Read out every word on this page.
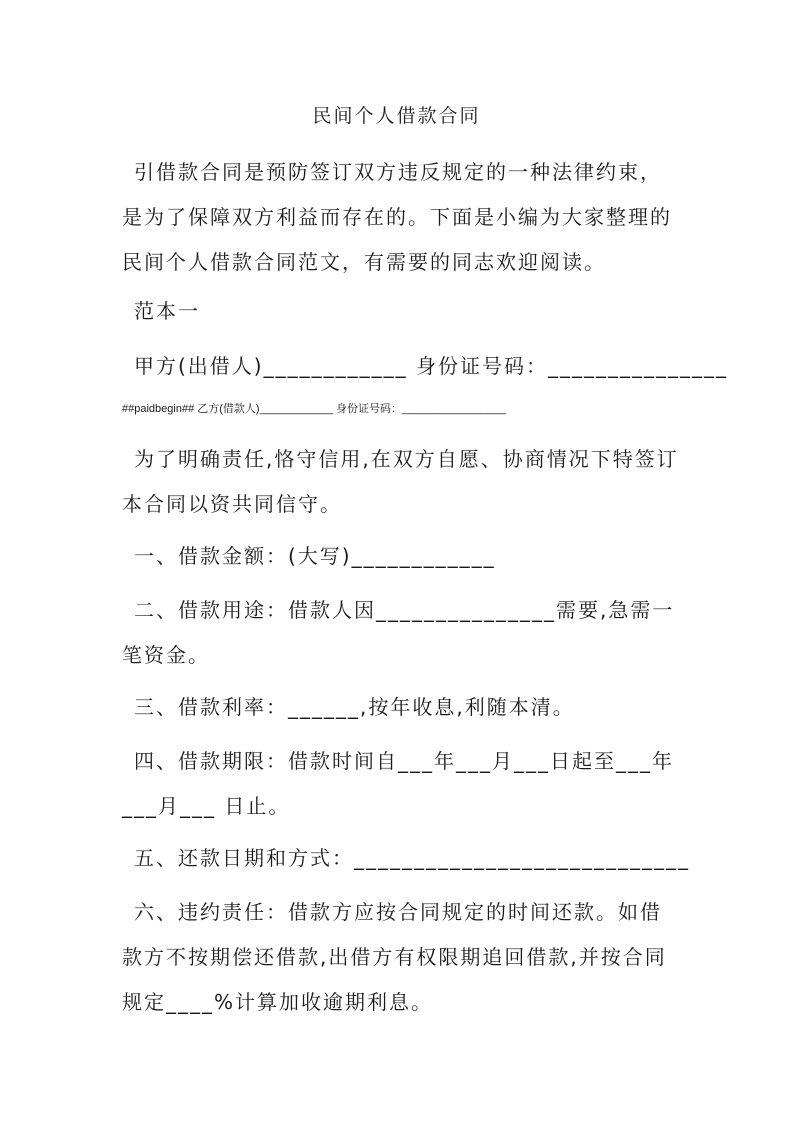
民间个人借款合同

引借款合同是预防签订双方违反规定的一种法律约束，是为了保障双方利益而存在的。下面是小编为大家整理的民间个人借款合同范文，有需要的同志欢迎阅读。

范本一

甲方(出借人)____________ 身份证号码：_______________

##paidbegin## 乙方(借款人)____________ 身份证号码：_________________

为了明确责任,恪守信用,在双方自愿、协商情况下特签订本合同以资共同信守。

一、借款金额：(大写)____________

二、借款用途：借款人因_______________需要,急需一笔资金。

三、借款利率：______,按年收息,利随本清。

四、借款期限：借款时间自___年___月___日起至___年___月___ 日止。

五、还款日期和方式：____________________________

六、违约责任：借款方应按合同规定的时间还款。如借款方不按期偿还借款,出借方有权限期追回借款,并按合同规定____%计算加收逾期利息。
